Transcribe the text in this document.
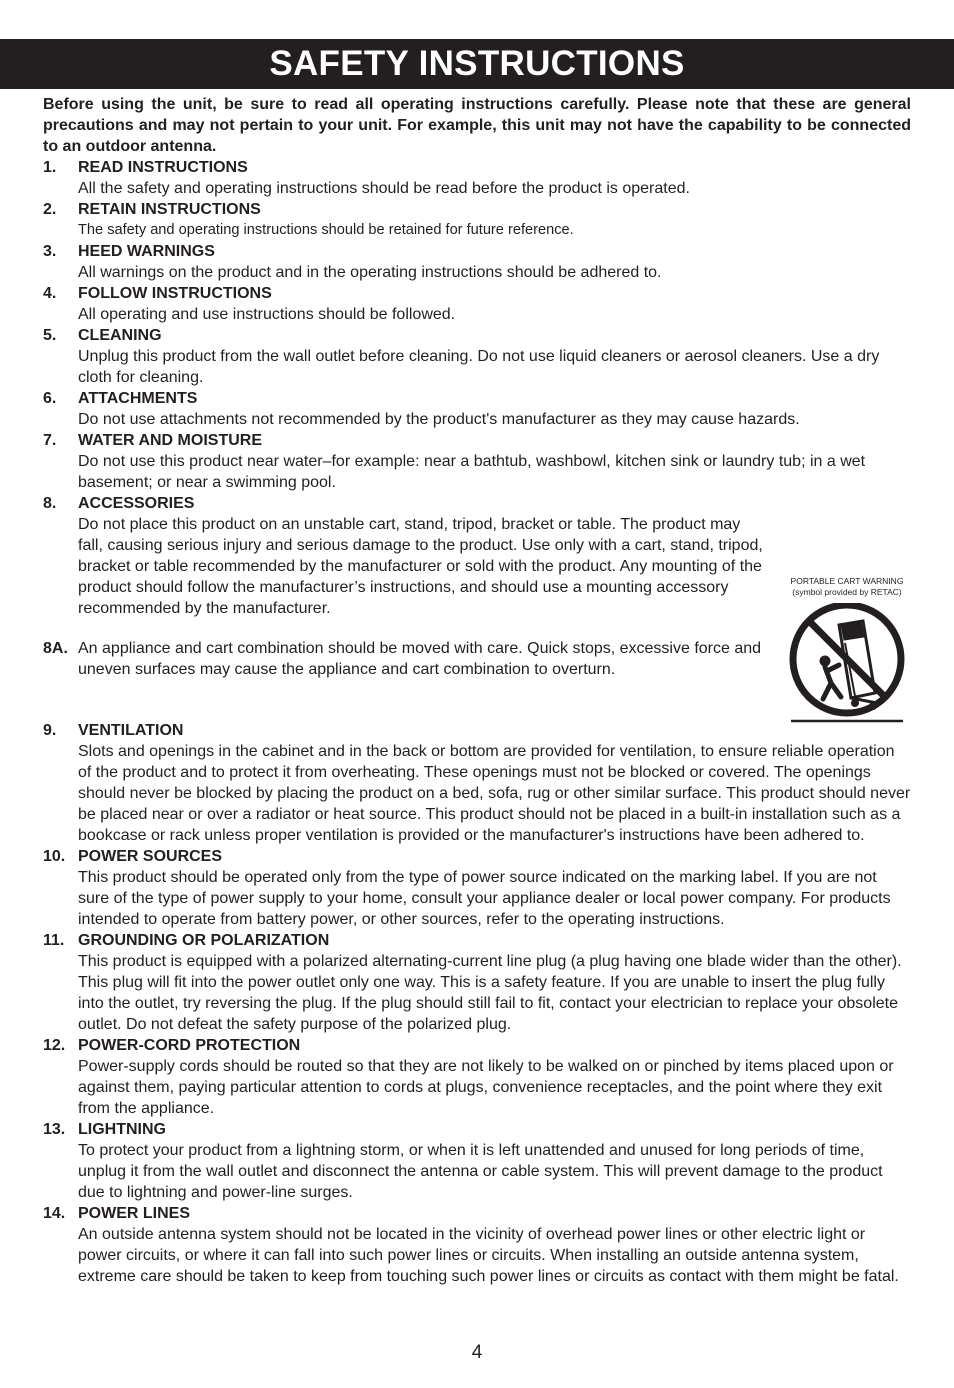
SAFETY INSTRUCTIONS
Before using the unit, be sure to read all operating instructions carefully. Please note that these are general precautions and may not pertain to your unit. For example, this unit may not have the capability to be connected to an outdoor antenna.
1.	READ INSTRUCTIONS
All the safety and operating instructions should be read before the product is operated.
2.	RETAIN INSTRUCTIONS
The safety and operating instructions should be retained for future reference.
3.	HEED WARNINGS
All warnings on the product and in the operating instructions should be adhered to.
4.	FOLLOW INSTRUCTIONS
All operating and use instructions should be followed.
5.	CLEANING
Unplug this product from the wall outlet before cleaning. Do not use liquid cleaners or aerosol cleaners. Use a dry cloth for cleaning.
6.	ATTACHMENTS
Do not use attachments not recommended by the product's manufacturer as they may cause hazards.
7.	WATER AND MOISTURE
Do not use this product near water–for example: near a bathtub, washbowl, kitchen sink or laundry tub; in a wet basement; or near a swimming pool.
8.	ACCESSORIES
Do not place this product on an unstable cart, stand, tripod, bracket or table. The product may fall, causing serious injury and serious damage to the product. Use only with a cart, stand, tripod, bracket or table recommended by the manufacturer or sold with the product. Any mounting of the product should follow the manufacturer’s instructions, and should use a mounting accessory recommended by the manufacturer.
8A. An appliance and cart combination should be moved with care. Quick stops, excessive force and uneven surfaces may cause the appliance and cart combination to overturn.
9.	VENTILATION
Slots and openings in the cabinet and in the back or bottom are provided for ventilation, to ensure reliable operation of the product and to protect it from overheating. These openings must not be blocked or covered. The openings should never be blocked by placing the product on a bed, sofa, rug or other similar surface. This product should never be placed near or over a radiator or heat source. This product should not be placed in a built-in installation such as a bookcase or rack unless proper ventilation is provided or the manufacturer's instructions have been adhered to.
10. POWER SOURCES
This product should be operated only from the type of power source indicated on the marking label. If you are not sure of the type of power supply to your home, consult your appliance dealer or local power company. For products intended to operate from battery power, or other sources, refer to the operating instructions.
11. GROUNDING OR POLARIZATION
This product is equipped with a polarized alternating-current line plug (a plug having one blade wider than the other). This plug will fit into the power outlet only one way. This is a safety feature. If you are unable to insert the plug fully into the outlet, try reversing the plug. If the plug should still fail to fit, contact your electrician to replace your obsolete outlet. Do not defeat the safety purpose of the polarized plug.
12. POWER-CORD PROTECTION
Power-supply cords should be routed so that they are not likely to be walked on or pinched by items placed upon or against them, paying particular attention to cords at plugs, convenience receptacles, and the point where they exit from the appliance.
13. LIGHTNING
To protect your product from a lightning storm, or when it is left unattended and unused for long periods of time, unplug it from the wall outlet and disconnect the antenna or cable system. This will prevent damage to the product due to lightning and power-line surges.
14. POWER LINES
An outside antenna system should not be located in the vicinity of overhead power lines or other electric light or power circuits, or where it can fall into such power lines or circuits. When installing an outside antenna system, extreme care should be taken to keep from touching such power lines or circuits as contact with them might be fatal.
PORTABLE CART WARNING
(symbol provided by RETAC)
4
